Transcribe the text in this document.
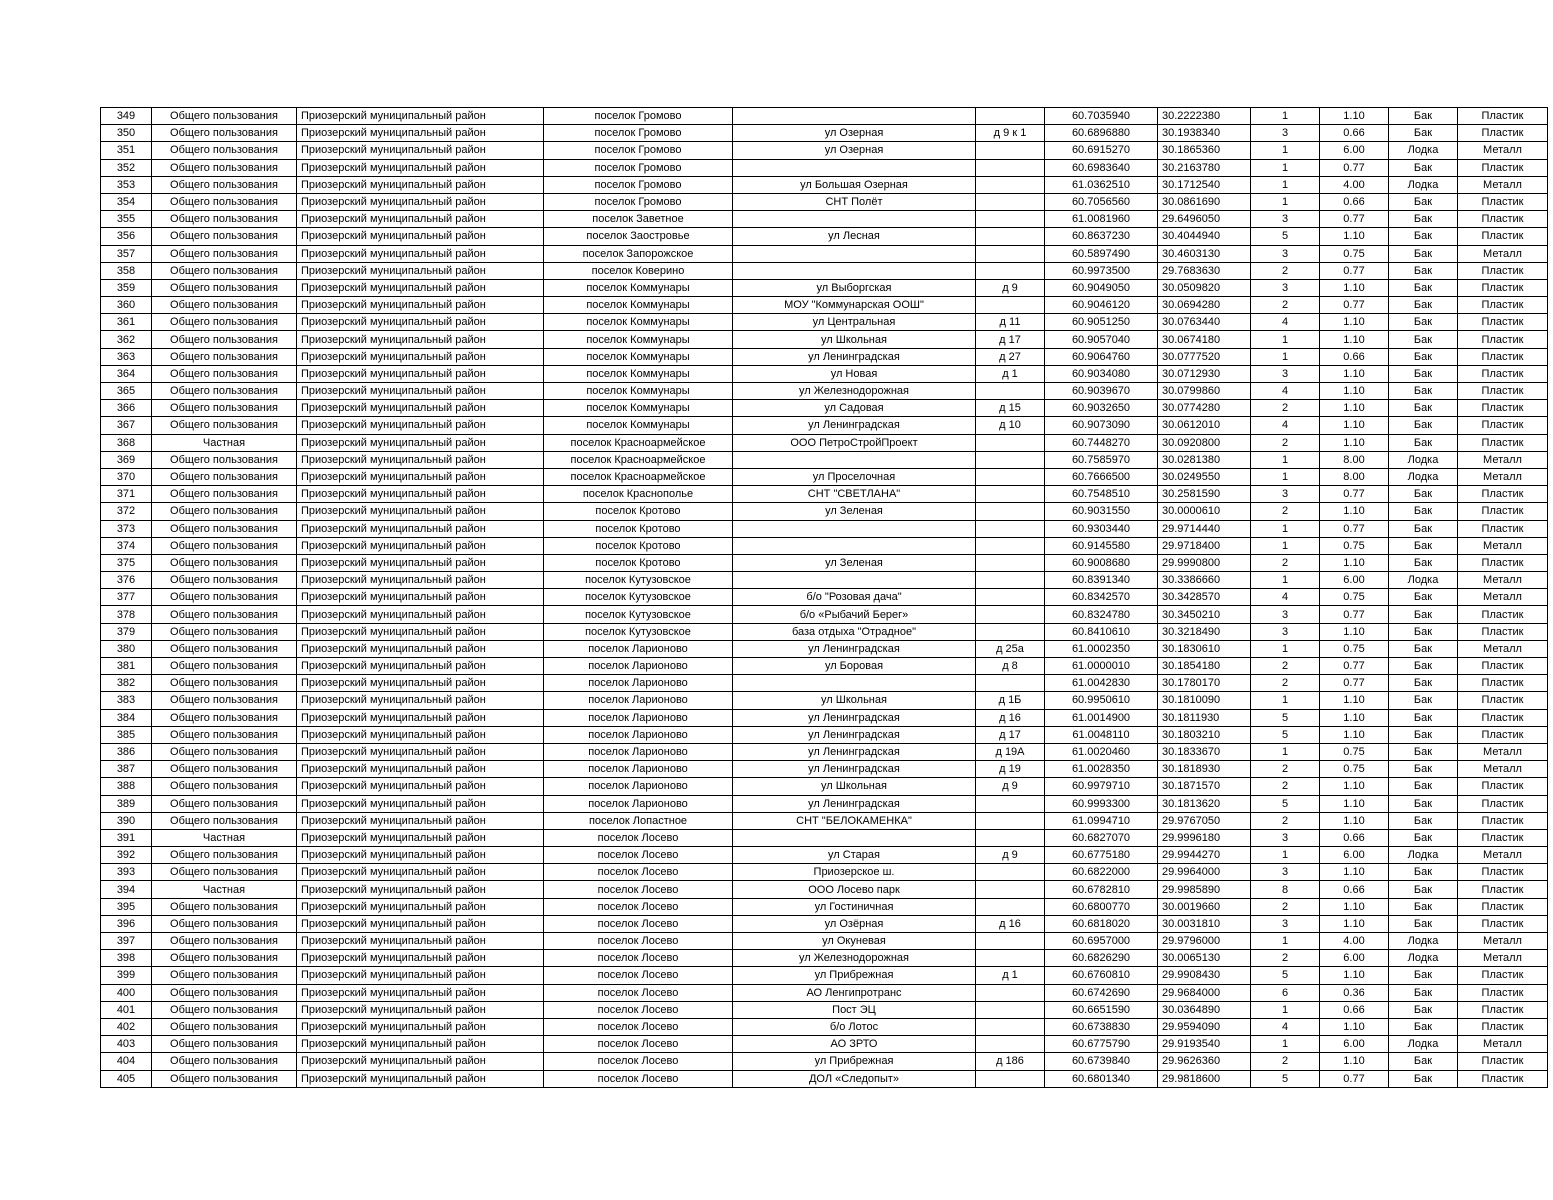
349	Общего пользования	Приозерский муниципальный район	поселок Громово			60.7035940	30.2222380	1	1.10	Бак	Пластик
350	Общего пользования	Приозерский муниципальный район	поселок Громово	ул Озерная	д 9 к 1	60.6896880	30.1938340	3	0.66	Бак	Пластик
351	Общего пользования	Приозерский муниципальный район	поселок Громово	ул Озерная		60.6915270	30.1865360	1	6.00	Лодка	Металл
352	Общего пользования	Приозерский муниципальный район	поселок Громово			60.6983640	30.2163780	1	0.77	Бак	Пластик
353	Общего пользования	Приозерский муниципальный район	поселок Громово	ул Большая Озерная		61.0362510	30.1712540	1	4.00	Лодка	Металл
354	Общего пользования	Приозерский муниципальный район	поселок Громово	СНТ Полёт		60.7056560	30.0861690	1	0.66	Бак	Пластик
355	Общего пользования	Приозерский муниципальный район	поселок Заветное			61.0081960	29.6496050	3	0.77	Бак	Пластик
356	Общего пользования	Приозерский муниципальный район	поселок Заостровье	ул Лесная		60.8637230	30.4044940	5	1.10	Бак	Пластик
357	Общего пользования	Приозерский муниципальный район	поселок Запорожское			60.5897490	30.4603130	3	0.75	Бак	Металл
358	Общего пользования	Приозерский муниципальный район	поселок Коверино			60.9973500	29.7683630	2	0.77	Бак	Пластик
359	Общего пользования	Приозерский муниципальный район	поселок Коммунары	ул Выборгская	д 9	60.9049050	30.0509820	3	1.10	Бак	Пластик
360	Общего пользования	Приозерский муниципальный район	поселок Коммунары	МОУ "Коммунарская ООШ"		60.9046120	30.0694280	2	0.77	Бак	Пластик
361	Общего пользования	Приозерский муниципальный район	поселок Коммунары	ул Центральная	д 11	60.9051250	30.0763440	4	1.10	Бак	Пластик
362	Общего пользования	Приозерский муниципальный район	поселок Коммунары	ул Школьная	д 17	60.9057040	30.0674180	1	1.10	Бак	Пластик
363	Общего пользования	Приозерский муниципальный район	поселок Коммунары	ул Ленинградская	д 27	60.9064760	30.0777520	1	0.66	Бак	Пластик
364	Общего пользования	Приозерский муниципальный район	поселок Коммунары	ул Новая	д 1	60.9034080	30.0712930	3	1.10	Бак	Пластик
365	Общего пользования	Приозерский муниципальный район	поселок Коммунары	ул Железнодорожная		60.9039670	30.0799860	4	1.10	Бак	Пластик
366	Общего пользования	Приозерский муниципальный район	поселок Коммунары	ул Садовая	д 15	60.9032650	30.0774280	2	1.10	Бак	Пластик
367	Общего пользования	Приозерский муниципальный район	поселок Коммунары	ул Ленинградская	д 10	60.9073090	30.0612010	4	1.10	Бак	Пластик
368	Частная	Приозерский муниципальный район	поселок Красноармейское	ООО ПетроСтройПроект		60.7448270	30.0920800	2	1.10	Бак	Пластик
369	Общего пользования	Приозерский муниципальный район	поселок Красноармейское			60.7585970	30.0281380	1	8.00	Лодка	Металл
370	Общего пользования	Приозерский муниципальный район	поселок Красноармейское	ул Проселочная		60.7666500	30.0249550	1	8.00	Лодка	Металл
371	Общего пользования	Приозерский муниципальный район	поселок Краснополье	СНТ "СВЕТЛАНА"		60.7548510	30.2581590	3	0.77	Бак	Пластик
372	Общего пользования	Приозерский муниципальный район	поселок Кротово	ул Зеленая		60.9031550	30.0000610	2	1.10	Бак	Пластик
373	Общего пользования	Приозерский муниципальный район	поселок Кротово			60.9303440	29.9714440	1	0.77	Бак	Пластик
374	Общего пользования	Приозерский муниципальный район	поселок Кротово			60.9145580	29.9718400	1	0.75	Бак	Металл
375	Общего пользования	Приозерский муниципальный район	поселок Кротово	ул Зеленая		60.9008680	29.9990800	2	1.10	Бак	Пластик
376	Общего пользования	Приозерский муниципальный район	поселок Кутузовское			60.8391340	30.3386660	1	6.00	Лодка	Металл
377	Общего пользования	Приозерский муниципальный район	поселок Кутузовское	б/о "Розовая дача"		60.8342570	30.3428570	4	0.75	Бак	Металл
378	Общего пользования	Приозерский муниципальный район	поселок Кутузовское	б/о «Рыбачий Берег»		60.8324780	30.3450210	3	0.77	Бак	Пластик
379	Общего пользования	Приозерский муниципальный район	поселок Кутузовское	база отдыха "Отрадное"		60.8410610	30.3218490	3	1.10	Бак	Пластик
380	Общего пользования	Приозерский муниципальный район	поселок Ларионово	ул Ленинградская	д 25а	61.0002350	30.1830610	1	0.75	Бак	Металл
381	Общего пользования	Приозерский муниципальный район	поселок Ларионово	ул Боровая	д 8	61.0000010	30.1854180	2	0.77	Бак	Пластик
382	Общего пользования	Приозерский муниципальный район	поселок Ларионово			61.0042830	30.1780170	2	0.77	Бак	Пластик
383	Общего пользования	Приозерский муниципальный район	поселок Ларионово	ул Школьная	д 1Б	60.9950610	30.1810090	1	1.10	Бак	Пластик
384	Общего пользования	Приозерский муниципальный район	поселок Ларионово	ул Ленинградская	д 16	61.0014900	30.1811930	5	1.10	Бак	Пластик
385	Общего пользования	Приозерский муниципальный район	поселок Ларионово	ул Ленинградская	д 17	61.0048110	30.1803210	5	1.10	Бак	Пластик
386	Общего пользования	Приозерский муниципальный район	поселок Ларионово	ул Ленинградская	д 19А	61.0020460	30.1833670	1	0.75	Бак	Металл
387	Общего пользования	Приозерский муниципальный район	поселок Ларионово	ул Ленинградская	д 19	61.0028350	30.1818930	2	0.75	Бак	Металл
388	Общего пользования	Приозерский муниципальный район	поселок Ларионово	ул Школьная	д 9	60.9979710	30.1871570	2	1.10	Бак	Пластик
389	Общего пользования	Приозерский муниципальный район	поселок Ларионово	ул Ленинградская		60.9993300	30.1813620	5	1.10	Бак	Пластик
390	Общего пользования	Приозерский муниципальный район	поселок Лопастное	СНТ "БЕЛОКАМЕНКА"		61.0994710	29.9767050	2	1.10	Бак	Пластик
391	Частная	Приозерский муниципальный район	поселок Лосево			60.6827070	29.9996180	3	0.66	Бак	Пластик
392	Общего пользования	Приозерский муниципальный район	поселок Лосево	ул Старая	д 9	60.6775180	29.9944270	1	6.00	Лодка	Металл
393	Общего пользования	Приозерский муниципальный район	поселок Лосево	Приозерское ш.		60.6822000	29.9964000	3	1.10	Бак	Пластик
394	Частная	Приозерский муниципальный район	поселок Лосево	ООО Лосево парк		60.6782810	29.9985890	8	0.66	Бак	Пластик
395	Общего пользования	Приозерский муниципальный район	поселок Лосево	ул Гостиничная		60.6800770	30.0019660	2	1.10	Бак	Пластик
396	Общего пользования	Приозерский муниципальный район	поселок Лосево	ул Озёрная	д 16	60.6818020	30.0031810	3	1.10	Бак	Пластик
397	Общего пользования	Приозерский муниципальный район	поселок Лосево	ул Окуневая		60.6957000	29.9796000	1	4.00	Лодка	Металл
398	Общего пользования	Приозерский муниципальный район	поселок Лосево	ул Железнодорожная		60.6826290	30.0065130	2	6.00	Лодка	Металл
399	Общего пользования	Приозерский муниципальный район	поселок Лосево	ул Прибрежная	д 1	60.6760810	29.9908430	5	1.10	Бак	Пластик
400	Общего пользования	Приозерский муниципальный район	поселок Лосево	АО Ленгипротранс		60.6742690	29.9684000	6	0.36	Бак	Пластик
401	Общего пользования	Приозерский муниципальный район	поселок Лосево	Пост ЭЦ		60.6651590	30.0364890	1	0.66	Бак	Пластик
402	Общего пользования	Приозерский муниципальный район	поселок Лосево	б/о Лотос		60.6738830	29.9594090	4	1.10	Бак	Пластик
403	Общего пользования	Приозерский муниципальный район	поселок Лосево	АО ЗРТО		60.6775790	29.9193540	1	6.00	Лодка	Металл
404	Общего пользования	Приозерский муниципальный район	поселок Лосево	ул Прибрежная	д 186	60.6739840	29.9626360	2	1.10	Бак	Пластик
405	Общего пользования	Приозерский муниципальный район	поселок Лосево	ДОЛ «Следопыт»		60.6801340	29.9818600	5	0.77	Бак	Пластик
